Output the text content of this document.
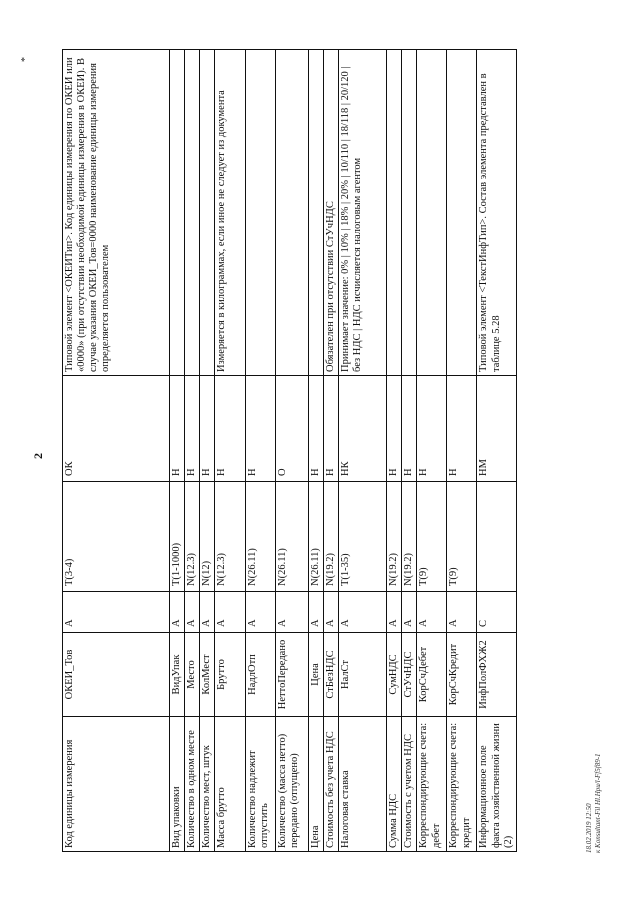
2
*
Код единицы измерения	ОКЕИ_Тов	А	Т(3-4)	ОК	Типовой элемент <ОКЕИТип>. Код единицы измерения по ОКЕИ или «0000» (при отсутствии необходимой единицы измерения в ОКЕИ). В случае указания ОКЕИ_Тов=0000 наименование единицы измерения определяется пользователем
Вид упаковки	ВидУпак	А	Т(1-1000)	Н	
Количество в одном месте	Место	А	N(12.3)	Н	
Количество мест, штук	КолМест	А	N(12)	Н	
Масса брутто	Брутто	А	N(12.3)	Н	Измеряется в килограммах, если иное не следует из документа
Количество надлежит отпустить	НадлОтп	А	N(26.11)	Н	
Количество (масса нетто) передано (отпущено)	НеттоПередано	А	N(26.11)	О	
Цена	Цена	А	N(26.11)	Н	
Стоимость без учета НДС	СтБезНДС	А	N(19.2)	Н	Обязателен при отсутствии СтУчНДС
Налоговая ставка	НалСт	А	Т(1-35)	НК	Принимает значение: 0% | 10% | 18% | 20% | 10/110 | 18/118 | 20/120 | без НДС | НДС исчисляется налоговым агентом
Сумма НДС	СумНДС	А	N(19.2)	Н	
Стоимость с учетом НДС	СтУчНДС	А	N(19.2)	Н	
Корреспондирующие счета: дебет	КорСчДебет	А	Т(9)	Н	
Корреспондирующие счета: кредит	КорСчКредит	А	Т(9)	Н	
Информационное поле факта хозяйственной жизни (2)	ИнфПолФХЖ2	С		НМ	Типовой элемент <ТекстИнфТип>. Состав элемента представлен в таблице 5.28
18.02.2019 12:50 к Konsultant-Fil Hl.Hpu/l-Ff5f89-1
